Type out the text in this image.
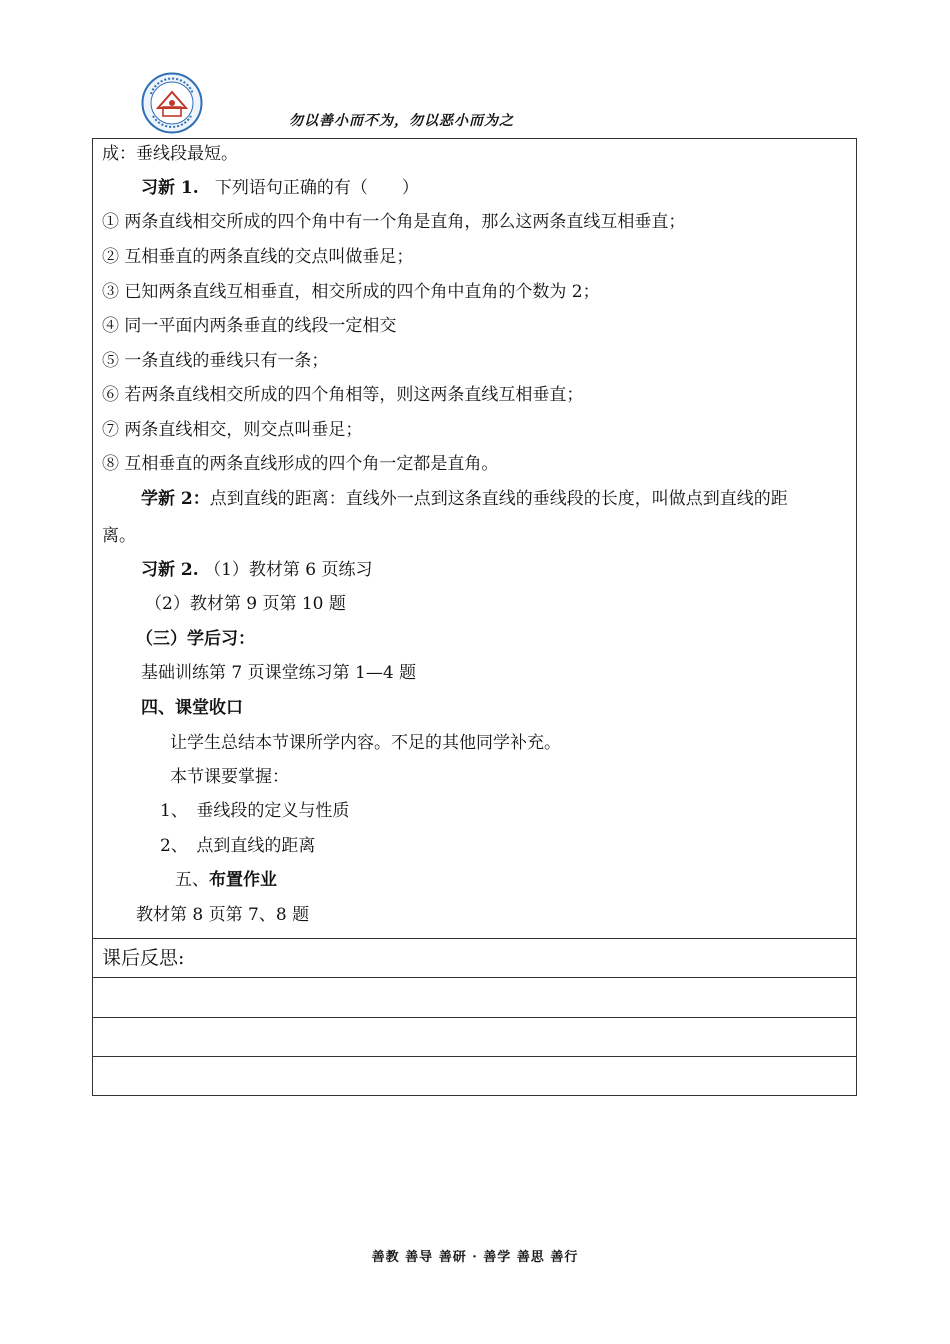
勿以善小而不为，勿以恶小而为之
成：垂线段最短。
习新 1. 下列语句正确的有（　　）
① 两条直线相交所成的四个角中有一个角是直角，那么这两条直线互相垂直；
② 互相垂直的两条直线的交点叫做垂足；
③ 已知两条直线互相垂直，相交所成的四个角中直角的个数为 2；
④ 同一平面内两条垂直的线段一定相交
⑤ 一条直线的垂线只有一条；
⑥ 若两条直线相交所成的四个角相等，则这两条直线互相垂直；
⑦ 两条直线相交，则交点叫垂足；
⑧ 互相垂直的两条直线形成的四个角一定都是直角。
学新 2：点到直线的距离：直线外一点到这条直线的垂线段的长度，叫做点到直线的距
离。
习新 2. （1）教材第 6 页练习
（2）教材第 9 页第 10 题
（三）学后习：
基础训练第 7 页课堂练习第 1—4 题
四、课堂收口
让学生总结本节课所学内容。不足的其他同学补充。
本节课要掌握：
1、　垂线段的定义与性质
2、　点到直线的距离
五、布置作业
教材第 8 页第 7、8 题
课后反思:
善教 善导 善研 · 善学 善思 善行
